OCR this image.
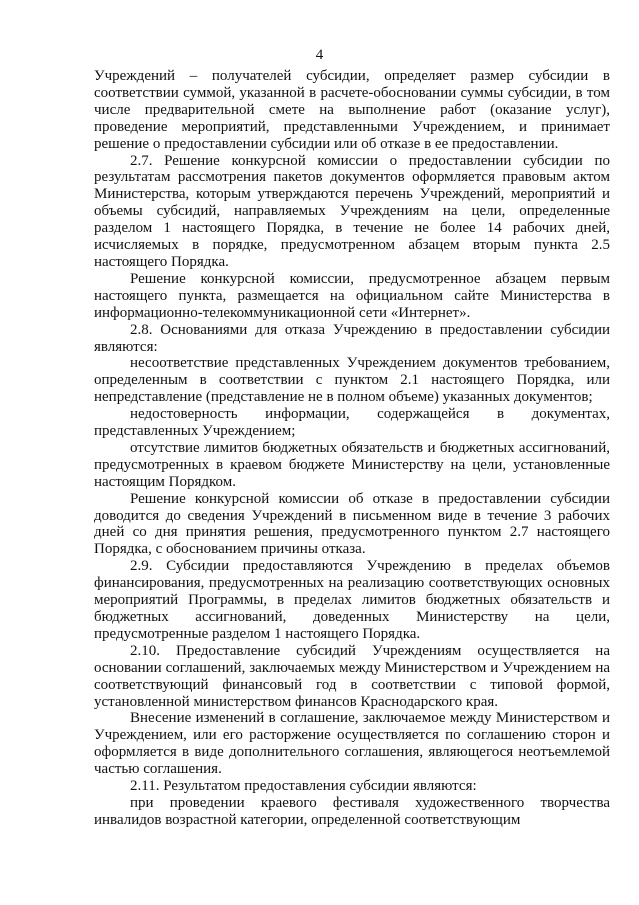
4

Учреждений – получателей субсидии, определяет размер субсидии в соответствии суммой, указанной в расчете-обосновании суммы субсидии, в том числе предварительной смете на выполнение работ (оказание услуг), проведение мероприятий, представленными Учреждением, и принимает решение о предоставлении субсидии или об отказе в ее предоставлении.

2.7. Решение конкурсной комиссии о предоставлении субсидии по результатам рассмотрения пакетов документов оформляется правовым актом Министерства, которым утверждаются перечень Учреждений, мероприятий и объемы субсидий, направляемых Учреждениям на цели, определенные разделом 1 настоящего Порядка, в течение не более 14 рабочих дней, исчисляемых в порядке, предусмотренном абзацем вторым пункта 2.5 настоящего Порядка.

Решение конкурсной комиссии, предусмотренное абзацем первым настоящего пункта, размещается на официальном сайте Министерства в информационно-телекоммуникационной сети «Интернет».

2.8. Основаниями для отказа Учреждению в предоставлении субсидии являются:

несоответствие представленных Учреждением документов требованием, определенным в соответствии с пунктом 2.1 настоящего Порядка, или непредставление (представление не в полном объеме) указанных документов;

недостоверность информации, содержащейся в документах, представленных Учреждением;

отсутствие лимитов бюджетных обязательств и бюджетных ассигнований, предусмотренных в краевом бюджете Министерству на цели, установленные настоящим Порядком.

Решение конкурсной комиссии об отказе в предоставлении субсидии доводится до сведения Учреждений в письменном виде в течение 3 рабочих дней со дня принятия решения, предусмотренного пунктом 2.7 настоящего Порядка, с обоснованием причины отказа.

2.9. Субсидии предоставляются Учреждению в пределах объемов финансирования, предусмотренных на реализацию соответствующих основных мероприятий Программы, в пределах лимитов бюджетных обязательств и бюджетных ассигнований, доведенных Министерству на цели, предусмотренные разделом 1 настоящего Порядка.

2.10. Предоставление субсидий Учреждениям осуществляется на основании соглашений, заключаемых между Министерством и Учреждением на соответствующий финансовый год в соответствии с типовой формой, установленной министерством финансов Краснодарского края.

Внесение изменений в соглашение, заключаемое между Министерством и Учреждением, или его расторжение осуществляется по соглашению сторон и оформляется в виде дополнительного соглашения, являющегося неотъемлемой частью соглашения.

2.11. Результатом предоставления субсидии являются:

при проведении краевого фестиваля художественного творчества инвалидов возрастной категории, определенной соответствующим
